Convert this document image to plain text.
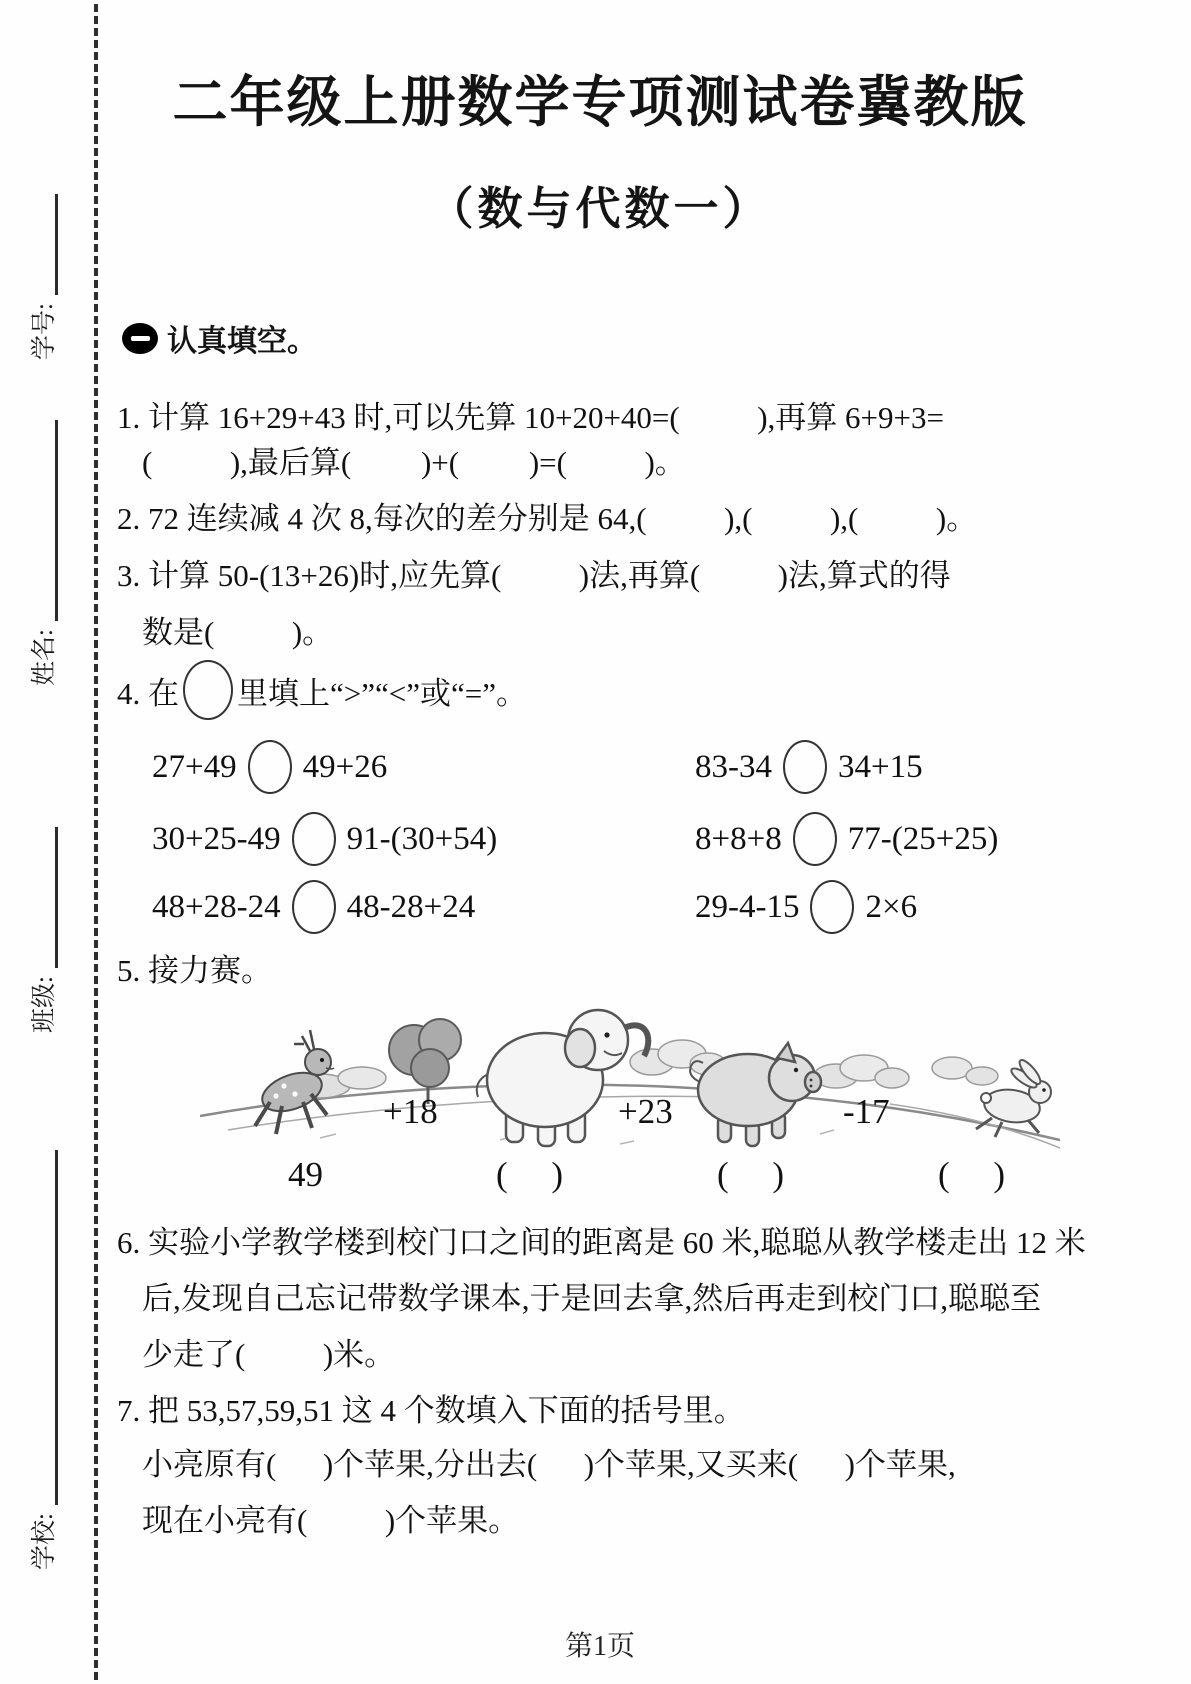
学号:
姓名:
班级:
学校:
二年级上册数学专项测试卷冀教版
（数与代数一）
认真填空。
1. 计算 16+29+43 时,可以先算 10+20+40=(          ),再算 6+9+3=
(          ),最后算(         )+(         )=(          )。
2. 72 连续减 4 次 8,每次的差分别是 64,(          ),(          ),(          )。
3. 计算 50-(13+26)时,应先算(          )法,再算(          )法,算式的得
数是(          )。
4. 在 里填上“>”“<”或“=”。
27+49 49+26	83-34 34+15
30+25-49 91-(30+54)	8+8+8 77-(25+25)
48+28-24 48-28+24	29-4-15 2×6
5. 接力赛。
+18	+23	-17
49	(     )	(     )	(     )
6. 实验小学教学楼到校门口之间的距离是 60 米,聪聪从教学楼走出 12 米
后,发现自己忘记带数学课本,于是回去拿,然后再走到校门口,聪聪至
少走了(          )米。
7. 把 53,57,59,51 这 4 个数填入下面的括号里。
小亮原有(      )个苹果,分出去(      )个苹果,又买来(      )个苹果,
现在小亮有(          )个苹果。
第1页
